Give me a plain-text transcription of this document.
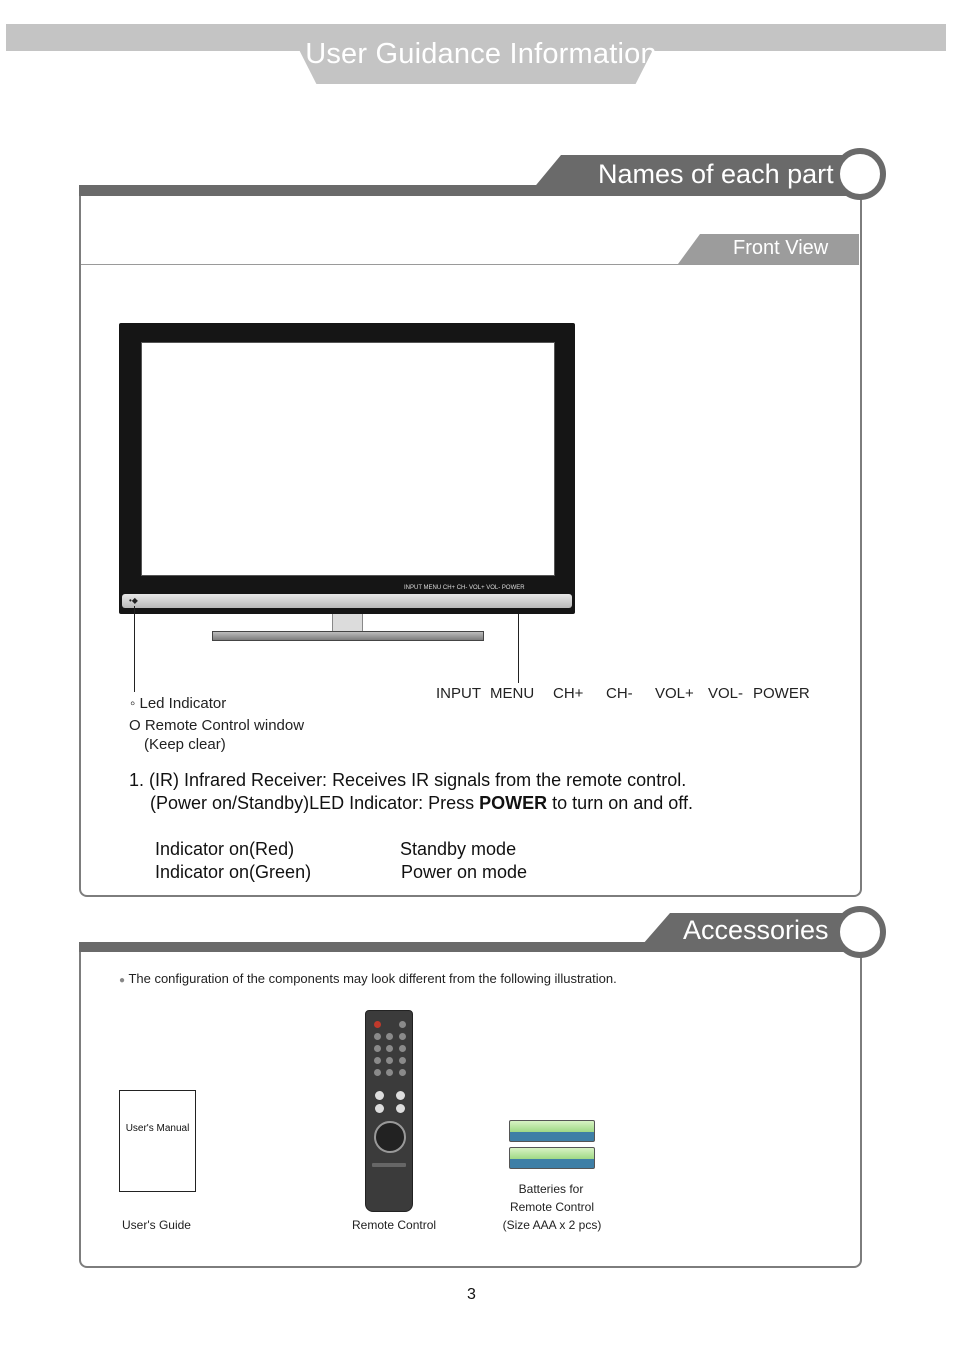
User Guidance Information
Names of each part
Front View
INPUT MENU CH+ CH- VOL+ VOL- POWER
•◆
◦ Led Indicator
O Remote Control window
(Keep clear)
INPUT MENU CH+ CH- VOL+ VOL- POWER
1. (IR) Infrared Receiver: Receives IR signals from the remote control.
(Power on/Standby)LED Indicator: Press POWER to turn on and off.
Indicator on(Red)	Standby mode
Indicator on(Green)	Power on mode
Accessories
● The configuration of the components may look different from the following illustration.
User's Manual
User's Guide	Remote Control
Batteries for
Remote Control
(Size AAA x 2 pcs)
3
